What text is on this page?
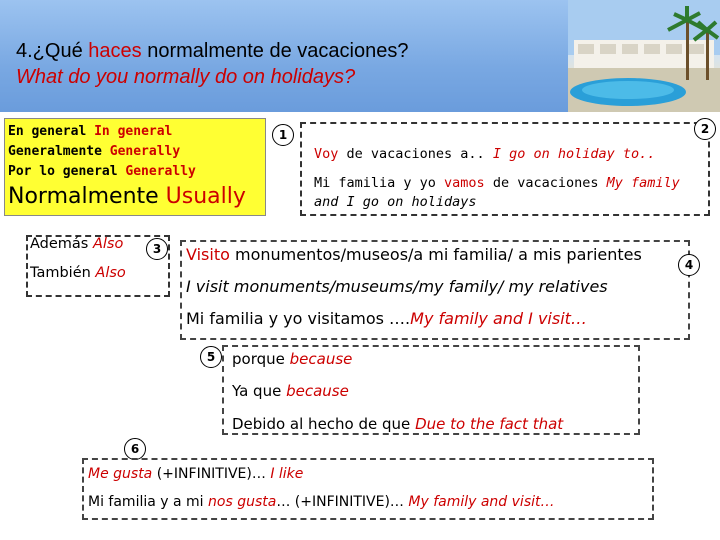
4.¿Qué haces normalmente de vacaciones?
What do you normally do on holidays?
En general In general
Generalmente Generally
Por lo general Generally
Normalmente Usually
1	2
Voy de vacaciones a.. I go on holiday to..
Mi familia y yo vamos de vacaciones My family
and I go on holidays
Además Also
También Also
3	Visito monumentos/museos/a mi familia/ a mis parientes
4
I visit monuments/museums/my family/ my relatives
Mi familia y yo visitamos ….My family and I visit…
5	porque because
Ya que because
Debido al hecho de que Due to the fact that
6
Me gusta (+INFINITIVE)… I like
Mi familia y a mi nos gusta… (+INFINITIVE)… My family and visit…
